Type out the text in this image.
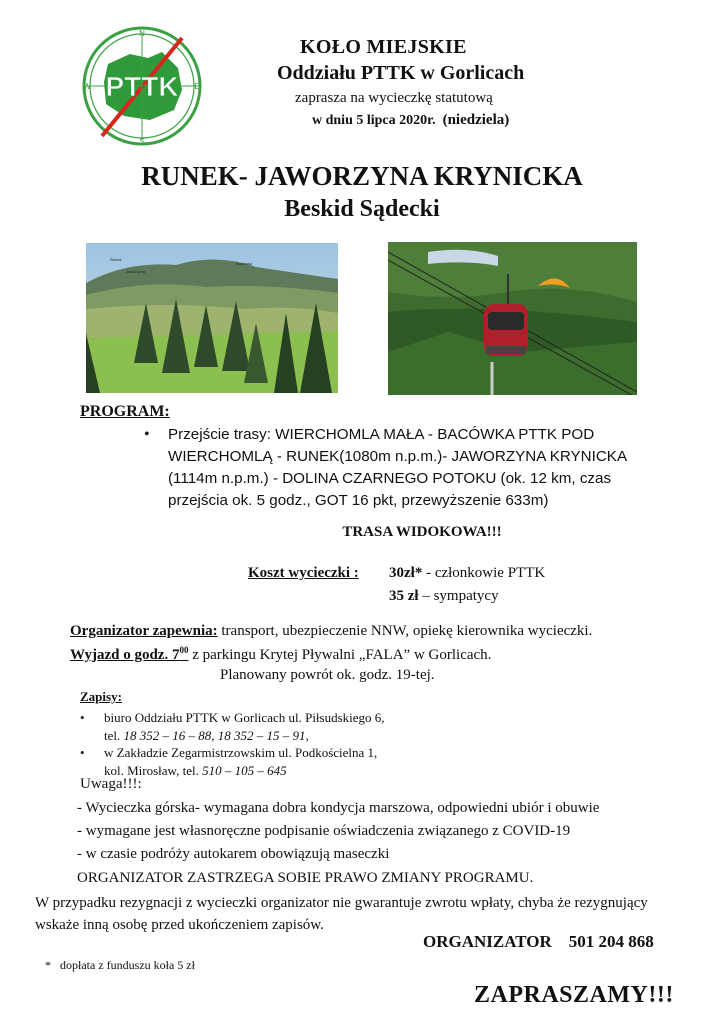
PTTK
N
E
S
W
KOŁO MIEJSKIE
Oddziału PTTK w Gorlicach
zaprasza na wycieczkę statutową
w dniu 5 lipca 2020r. (niedziela)
RUNEK- JAWORZYNA KRYNICKA
Beskid Sądecki
Runek
Jaworzyna
Bacówka
PROGRAM:
• Przejście trasy: WIERCHOMLA MAŁA - BACÓWKA PTTK POD
WIERCHOMLĄ - RUNEK(1080m n.p.m.)- JAWORZYNA KRYNICKA
(1114m n.p.m.) - DOLINA CZARNEGO POTOKU (ok. 12 km, czas
przejścia ok. 5 godz., GOT 16 pkt, przewyższenie 633m)
TRASA WIDOKOWA!!!
Koszt wycieczki : 30zł* - członkowie PTTK
35 zł – sympatycy
Organizator zapewnia: transport, ubezpieczenie NNW, opiekę kierownika wycieczki.
Wyjazd o godz. $7^{00}$ z parkingu Krytej Pływalni „FALA” w Gorlicach.
Planowany powrót ok. godz. 19-tej.
Zapisy:
• biuro Oddziału PTTK w Gorlicach ul. Piłsudskiego 6,
tel. 18 352 – 16 – 88, 18 352 – 15 – 91,
• w Zakładzie Zegarmistrzowskim ul. Podkościelna 1,
kol. Mirosław, tel. 510 – 105 – 645
Uwaga!!!:
- Wycieczka górska- wymagana dobra kondycja marszowa, odpowiedni ubiór i obuwie
- wymagane jest własnoręczne podpisanie oświadczenia związanego z COVID-19
- w czasie podróży autokarem obowiązują maseczki
ORGANIZATOR ZASTRZEGA SOBIE PRAWO ZMIANY PROGRAMU.
W przypadku rezygnacji z wycieczki organizator nie gwarantuje zwrotu wpłaty, chyba że rezygnujący wskaże inną osobę przed ukończeniem zapisów.
ORGANIZATOR    501 204 868
*   dopłata z funduszu koła 5 zł
ZAPRASZAMY!!!
